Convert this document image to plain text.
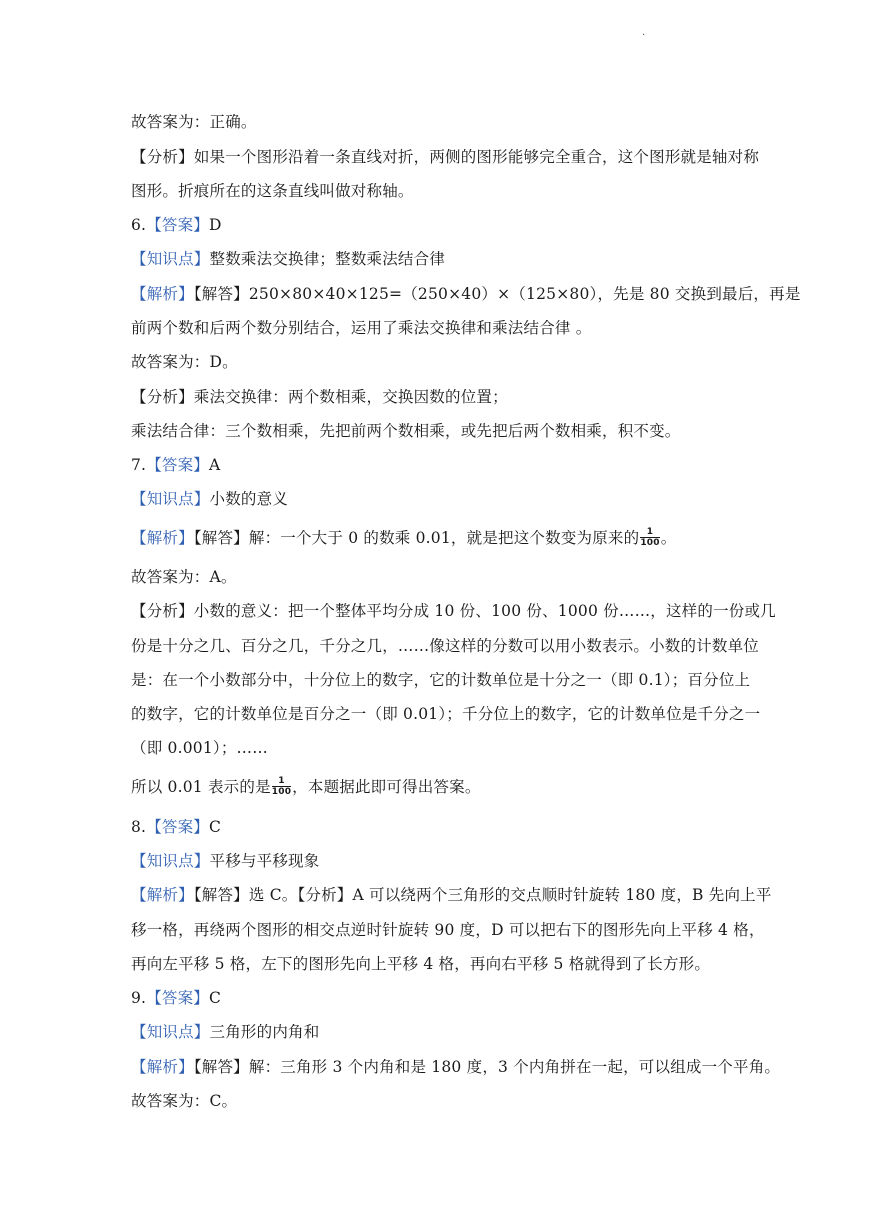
·
故答案为：正确。
【分析】如果一个图形沿着一条直线对折，两侧的图形能够完全重合，这个图形就是轴对称
图形。折痕所在的这条直线叫做对称轴。
6.【答案】D
【知识点】整数乘法交换律；整数乘法结合律
【解析】【解答】250×80×40×125=（250×40）×（125×80），先是 80 交换到最后，再是
前两个数和后两个数分别结合，运用了乘法交换律和乘法结合律 。
故答案为：D。
【分析】乘法交换律：两个数相乘，交换因数的位置；
乘法结合律：三个数相乘，先把前两个数相乘，或先把后两个数相乘，积不变。
7.【答案】A
【知识点】小数的意义
【解析】【解答】解：一个大于 0 的数乘 0.01，就是把这个数变为原来的 $\frac{1}{100}$ 。
故答案为：A。
【分析】小数的意义：把一个整体平均分成 10 份、100 份、1000 份……，这样的一份或几
份是十分之几、百分之几，千分之几，……像这样的分数可以用小数表示。小数的计数单位
是：在一个小数部分中，十分位上的数字，它的计数单位是十分之一（即 0.1）；百分位上
的数字，它的计数单位是百分之一（即 0.01）；千分位上的数字，它的计数单位是千分之一
（即 0.001）；……
所以 0.01 表示的是 $\frac{1}{100}$ ，本题据此即可得出答案。
8.【答案】C
【知识点】平移与平移现象
【解析】【解答】选 C。【分析】A 可以绕两个三角形的交点顺时针旋转 180 度，B 先向上平
移一格，再绕两个图形的相交点逆时针旋转 90 度，D 可以把右下的图形先向上平移 4 格，
再向左平移 5 格，左下的图形先向上平移 4 格，再向右平移 5 格就得到了长方形。
9.【答案】C
【知识点】三角形的内角和
【解析】【解答】解：三角形 3 个内角和是 180 度，3 个内角拼在一起，可以组成一个平角。
故答案为：C。
